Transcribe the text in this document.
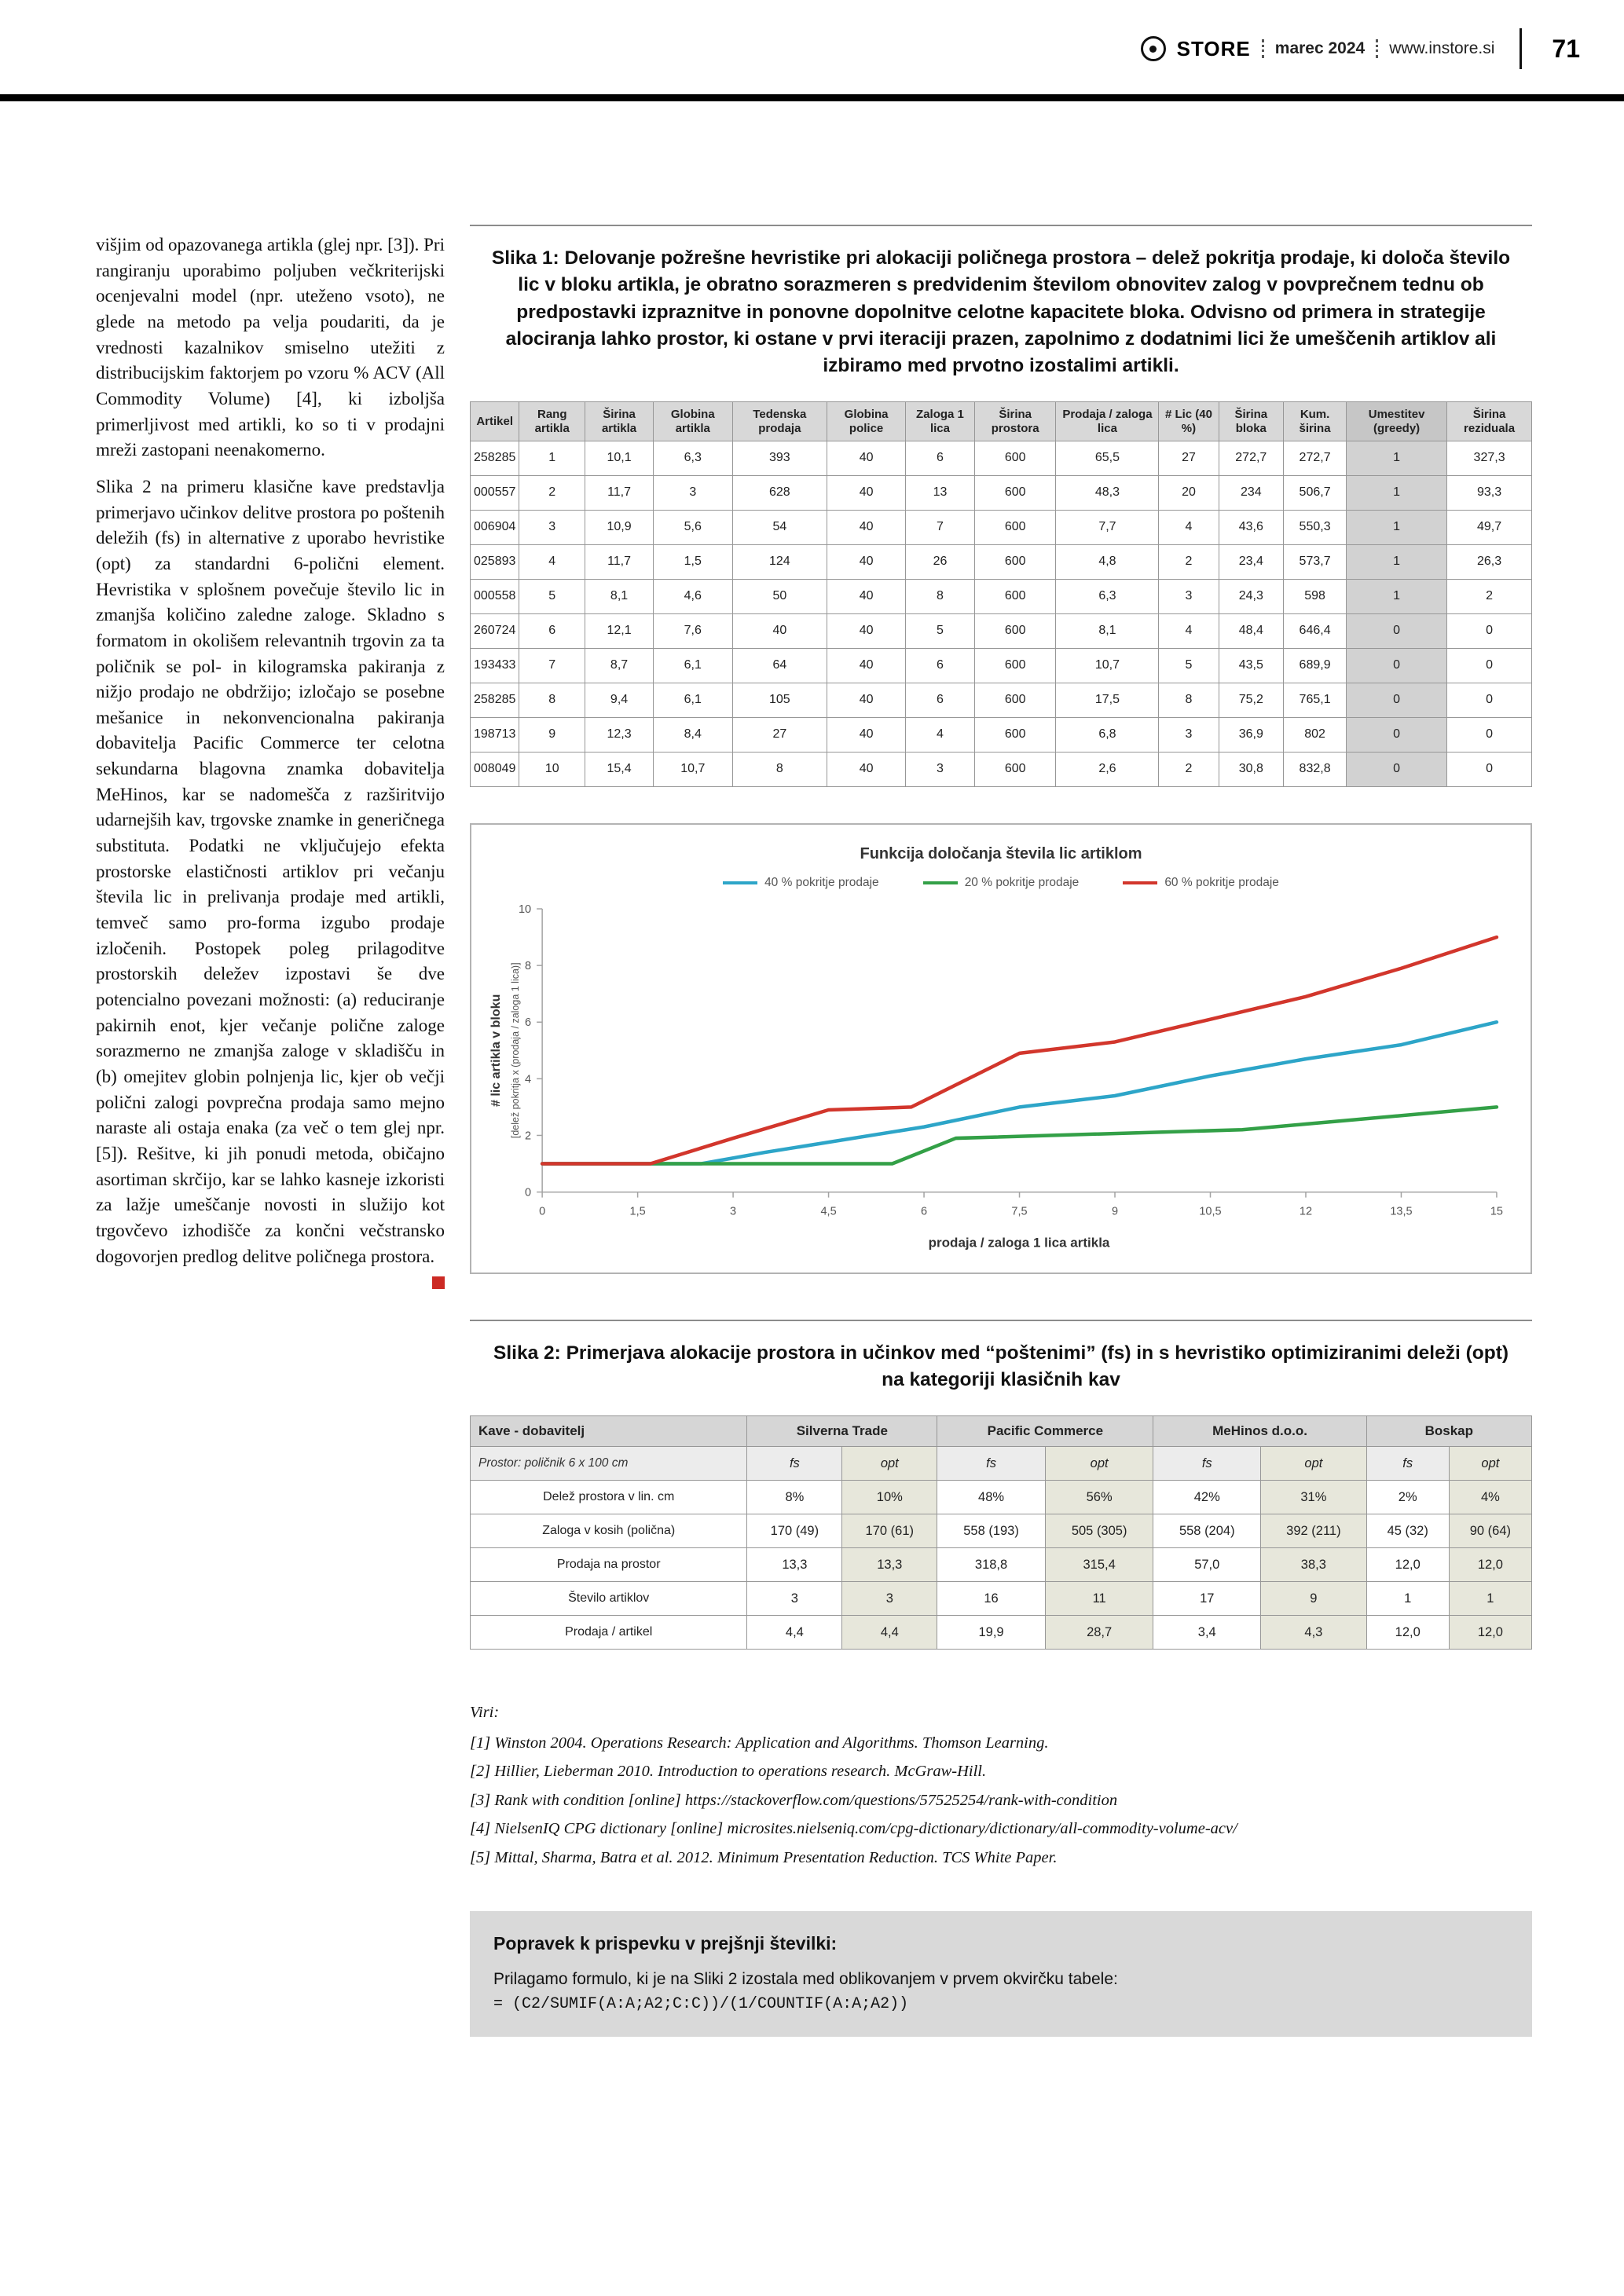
STORE marec 2024 www.instore.si 71

višjim od opazovanega artikla (glej npr. [3]). Pri rangiranju uporabimo poljuben večkriterijski ocenjevalni model (npr. uteženo vsoto), ne glede na metodo pa velja poudariti, da je vrednosti kazalnikov smiselno utežiti z distribucijskim faktorjem po vzoru % ACV (All Commodity Volume) [4], ki izboljša primerljivost med artikli, ko so ti v prodajni mreži zastopani neenakomerno.

Slika 2 na primeru klasične kave predstavlja primerjavo učinkov delitve prostora po poštenih deležih (fs) in alternative z uporabo hevristike (opt) za standardni 6-polični element. Hevristika v splošnem povečuje število lic in zmanjša količino zaledne zaloge. Skladno s formatom in okolišem relevantnih trgovin za ta poličnik se pol- in kilogramska pakiranja z nižjo prodajo ne obdržijo; izločajo se posebne mešanice in nekonvencionalna pakiranja dobavitelja Pacific Commerce ter celotna sekundarna blagovna znamka dobavitelja MeHinos, kar se nadomešča z razširitvijo udarnejših kav, trgovske znamke in generičnega substituta. Podatki ne vključujejo efekta prostorske elastičnosti artiklov pri večanju števila lic in prelivanja prodaje med artikli, temveč samo pro-forma izgubo prodaje izločenih. Postopek poleg prilagoditve prostorskih deležev izpostavi še dve potencialno povezani možnosti: (a) reduciranje pakirnih enot, kjer večanje polične zaloge sorazmerno ne zmanjša zaloge v skladišču in (b) omejitev globin polnjenja lic, kjer ob večji polični zalogi povprečna prodaja samo mejno naraste ali ostaja enaka (za več o tem glej npr. [5]). Rešitve, ki jih ponudi metoda, običajno asortiman skrčijo, kar se lahko kasneje izkoristi za lažje umeščanje novosti in služijo kot trgovčevo izhodišče za končni večstransko dogovorjen predlog delitve poličnega prostora.

Slika 1: Delovanje požrešne hevristike pri alokaciji poličnega prostora – delež pokritja prodaje, ki določa število lic v bloku artikla, je obratno sorazmeren s predvidenim številom obnovitev zalog v povprečnem tednu ob predpostavki izpraznitve in ponovne dopolnitve celotne kapacitete bloka. Odvisno od primera in strategije alociranja lahko prostor, ki ostane v prvi iteraciji prazen, zapolnimo z dodatnimi lici že umeščenih artiklov ali izbiramo med prvotno izostalimi artikli.
Artikel	Rang artikla	Širina artikla	Globina artikla	Tedenska prodaja	Globina police	Zaloga 1 lica	Širina prostora	Prodaja / zaloga lica	# Lic (40 %)	Širina bloka	Kum. širina	Umestitev (greedy)	Širina reziduala
258285	1	10,1	6,3	393	40	6	600	65,5	27	272,7	272,7	1	327,3
000557	2	11,7	3	628	40	13	600	48,3	20	234	506,7	1	93,3
006904	3	10,9	5,6	54	40	7	600	7,7	4	43,6	550,3	1	49,7
025893	4	11,7	1,5	124	40	26	600	4,8	2	23,4	573,7	1	26,3
000558	5	8,1	4,6	50	40	8	600	6,3	3	24,3	598	1	2
260724	6	12,1	7,6	40	40	5	600	8,1	4	48,4	646,4	0	0
193433	7	8,7	6,1	64	40	6	600	10,7	5	43,5	689,9	0	0
258285	8	9,4	6,1	105	40	6	600	17,5	8	75,2	765,1	0	0
198713	9	12,3	8,4	27	40	4	600	6,8	3	36,9	802	0	0
008049	10	15,4	10,7	8	40	3	600	2,6	2	30,8	832,8	0	0
Funkcija določanja števila lic artiklom
40 % pokritje prodaje	20 % pokritje prodaje	60 % pokritje prodaje
0	1,5	3	4,5	6	7,5	9	10,5	12	13,5	15
0
2
4
6
8
10
prodaja / zaloga 1 lica artikla
# lic artikla v bloku [delež pokritja x (prodaja / zaloga 1 lica)]
Slika 2: Primerjava alokacije prostora in učinkov med “poštenimi” (fs) in s hevristiko optimiziranimi deleži (opt) na kategoriji klasičnih kav
Kave - dobavitelj	Silverna Trade		Pacific Commerce		MeHinos d.o.o.		Boskap	
Prostor: poličnik 6 x 100 cm	fs	opt	fs	opt	fs	opt	fs	opt
Delež prostora v lin. cm	8%	10%	48%	56%	42%	31%	2%	4%
Zaloga v kosih (polična)	170 (49)	170 (61)	558 (193)	505 (305)	558 (204)	392 (211)	45 (32)	90 (64)
Prodaja na prostor	13,3	13,3	318,8	315,4	57,0	38,3	12,0	12,0
Število artiklov	3	3	16	11	17	9	1	1
Prodaja / artikel	4,4	4,4	19,9	28,7	3,4	4,3	12,0	12,0
Viri:
[1] Winston 2004. Operations Research: Application and Algorithms. Thomson Learning.
[2] Hillier, Lieberman 2010. Introduction to operations research. McGraw-Hill.
[3] Rank with condition [online] https://stackoverflow.com/questions/57525254/rank-with-condition
[4] NielsenIQ CPG dictionary [online] microsites.nielseniq.com/cpg-dictionary/dictionary/all-commodity-volume-acv/
[5] Mittal, Sharma, Batra et al. 2012. Minimum Presentation Reduction. TCS White Paper.
Popravek k prispevku v prejšnji številki:
Prilagamo formulo, ki je na Sliki 2 izostala med oblikovanjem v prvem okvirčku tabele:
= (C2/SUMIF(A:A;A2;C:C))/(1/COUNTIF(A:A;A2))
